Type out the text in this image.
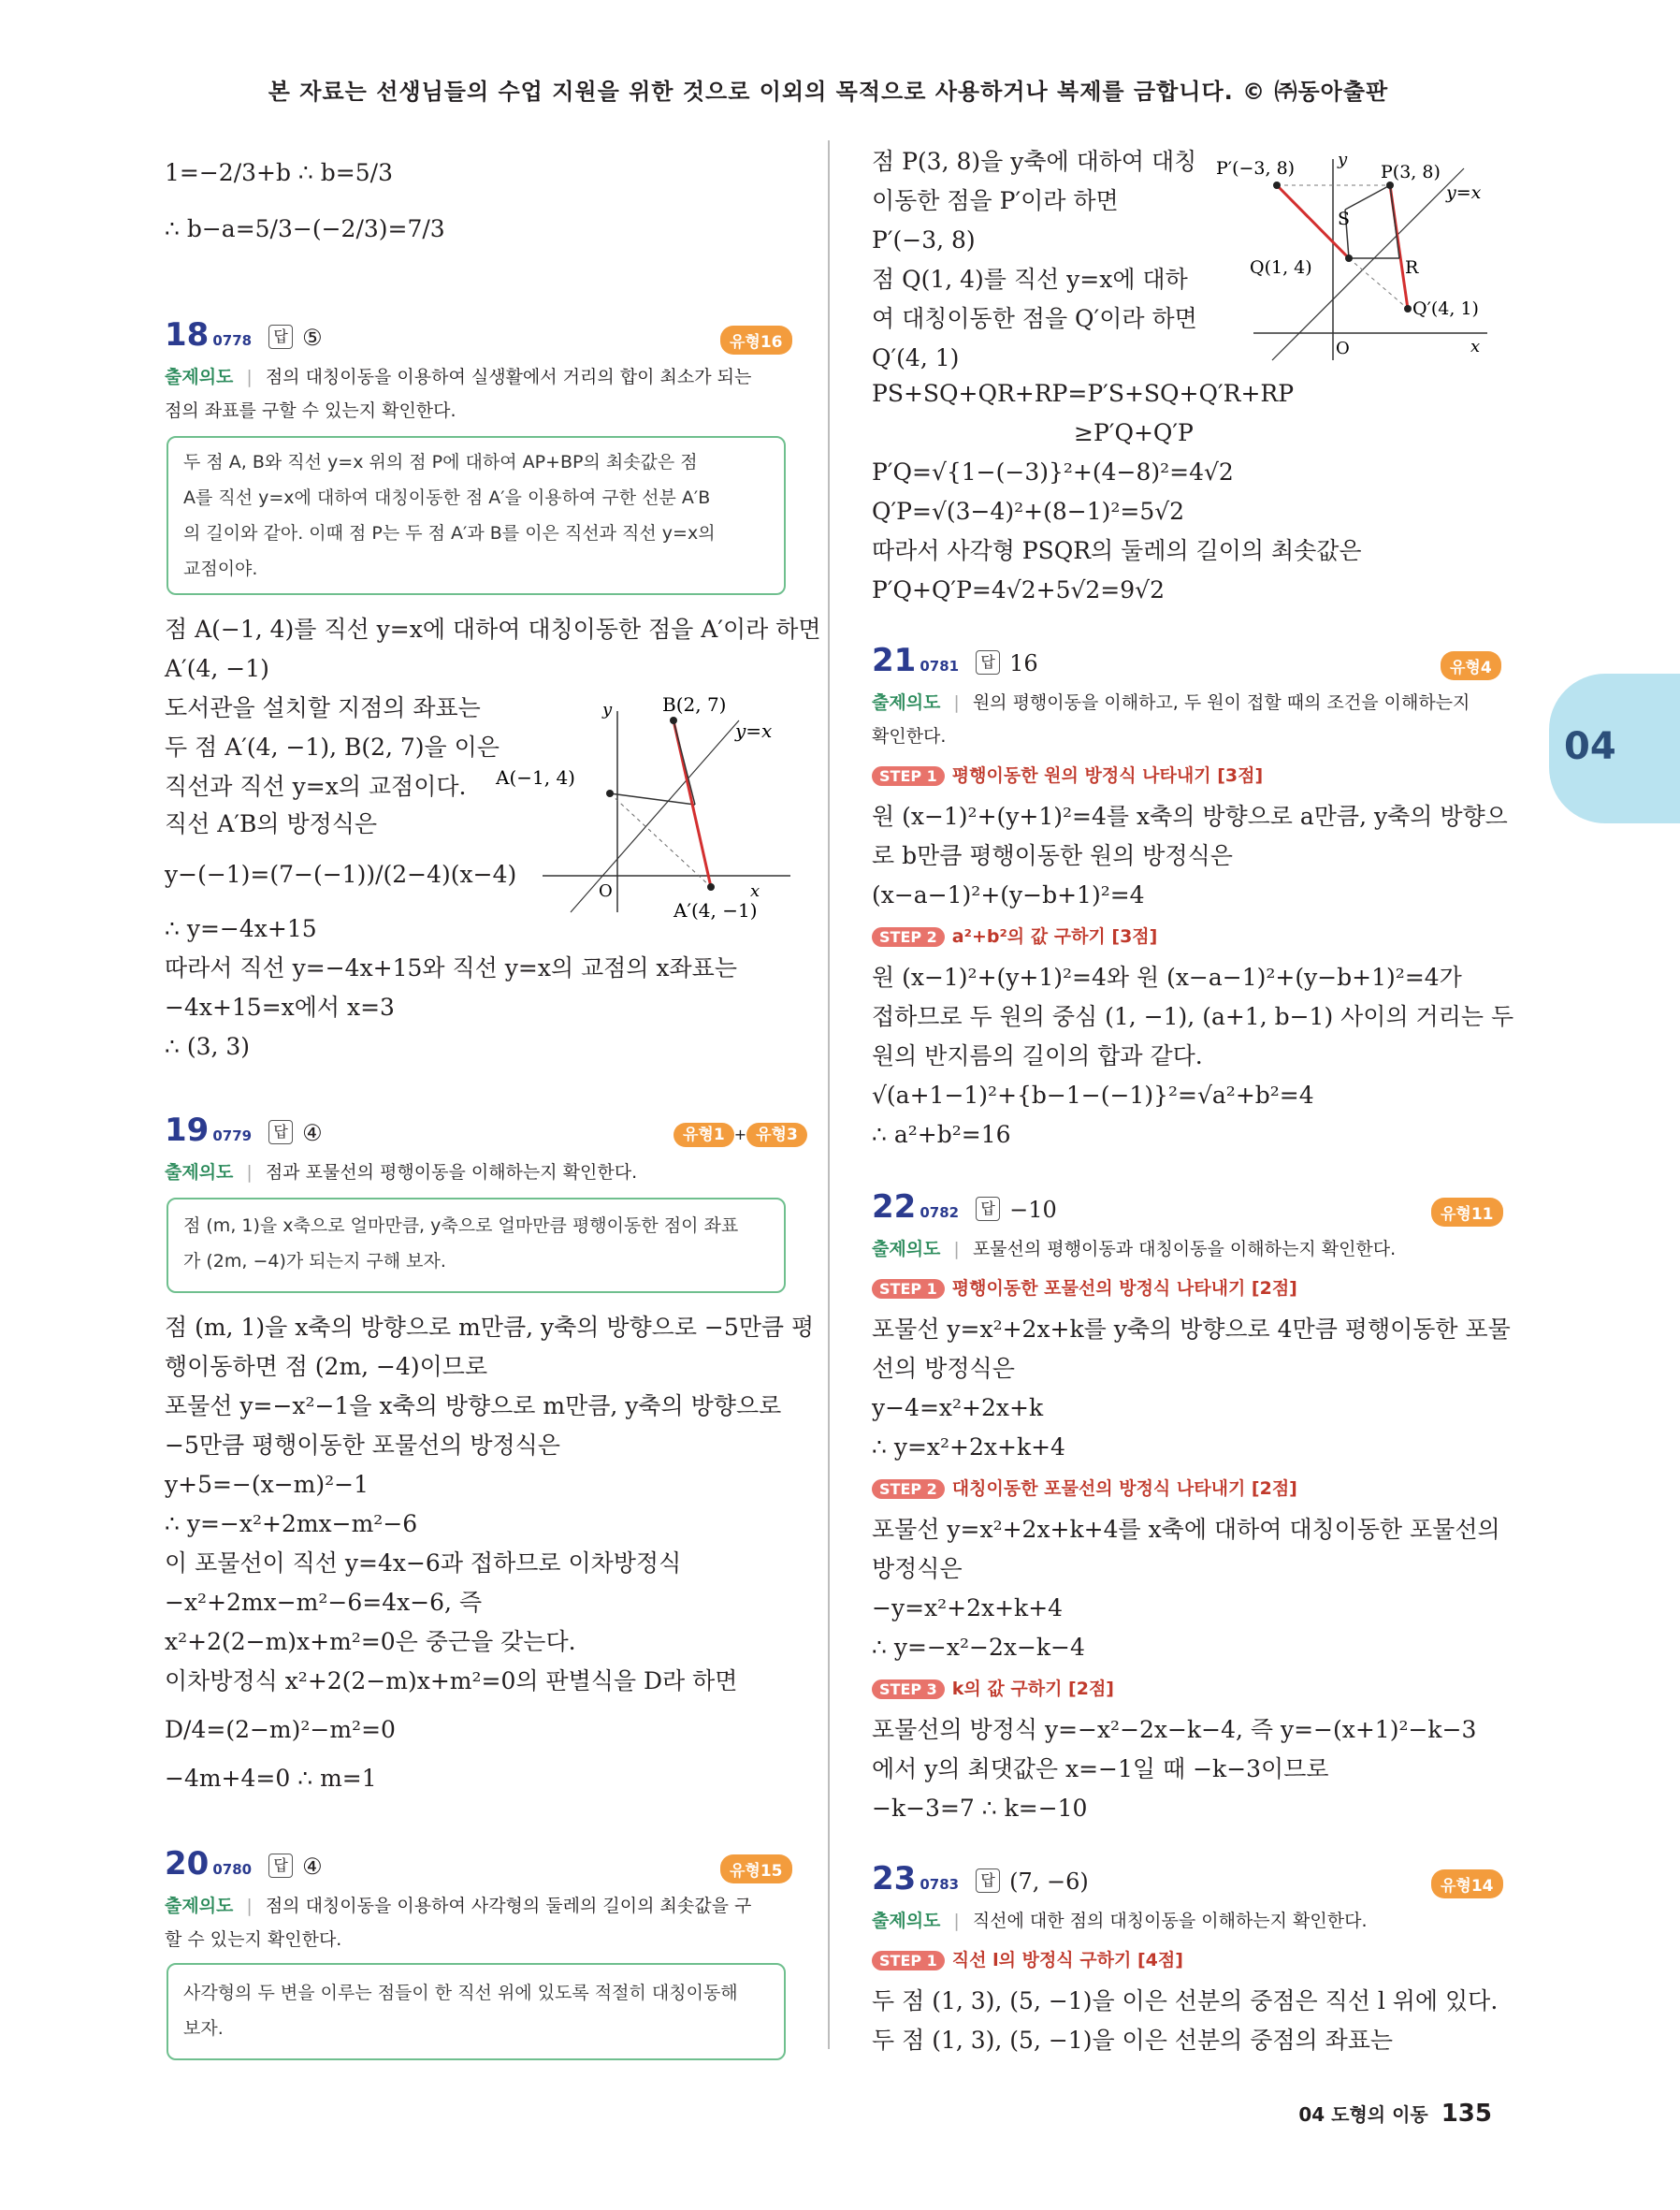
본 자료는 선생님들의 수업 지원을 위한 것으로 이외의 목적으로 사용하거나 복제를 금합니다. © ㈜동아출판
04
1=−2/3+b ∴ b=5/3
∴ b−a=5/3−(−2/3)=7/3
18 0778 답 ⑤	유형16
출제의도 | 점의 대칭이동을 이용하여 실생활에서 거리의 합이 최소가 되는
점의 좌표를 구할 수 있는지 확인한다.
두 점 A, B와 직선 y=x 위의 점 P에 대하여 AP+BP의 최솟값은 점
A를 직선 y=x에 대하여 대칭이동한 점 A′을 이용하여 구한 선분 A′B
의 길이와 같아. 이때 점 P는 두 점 A′과 B를 이은 직선과 직선 y=x의
교점이야.
점 A(−1, 4)를 직선 y=x에 대하여 대칭이동한 점을 A′이라 하면
A′(4, −1)
도서관을 설치할 지점의 좌표는
두 점 A′(4, −1), B(2, 7)을 이은
직선과 직선 y=x의 교점이다.
직선 A′B의 방정식은
y−(−1)=(7−(−1))/(2−4)(x−4)
∴ y=−4x+15
따라서 직선 y=−4x+15와 직선 y=x의 교점의 x좌표는
−4x+15=x에서 x=3
∴ (3, 3)
A(−1, 4)
B(2, 7)
A′(4, −1)
y=x
x
y
O
19 0779 답 ④	유형1 + 유형3
출제의도 | 점과 포물선의 평행이동을 이해하는지 확인한다.
점 (m, 1)을 x축으로 얼마만큼, y축으로 얼마만큼 평행이동한 점이 좌표
가 (2m, −4)가 되는지 구해 보자.
점 (m, 1)을 x축의 방향으로 m만큼, y축의 방향으로 −5만큼 평
행이동하면 점 (2m, −4)이므로
포물선 y=−x²−1을 x축의 방향으로 m만큼, y축의 방향으로
−5만큼 평행이동한 포물선의 방정식은
y+5=−(x−m)²−1
∴ y=−x²+2mx−m²−6
이 포물선이 직선 y=4x−6과 접하므로 이차방정식
−x²+2mx−m²−6=4x−6, 즉
x²+2(2−m)x+m²=0은 중근을 갖는다.
이차방정식 x²+2(2−m)x+m²=0의 판별식을 D라 하면
D/4=(2−m)²−m²=0
−4m+4=0 ∴ m=1
20 0780 답 ④	유형15
출제의도 | 점의 대칭이동을 이용하여 사각형의 둘레의 길이의 최솟값을 구
할 수 있는지 확인한다.
사각형의 두 변을 이루는 점들이 한 직선 위에 있도록 적절히 대칭이동해
보자.
점 P(3, 8)을 y축에 대하여 대칭
이동한 점을 P′이라 하면
P′(−3, 8)
점 Q(1, 4)를 직선 y=x에 대하
여 대칭이동한 점을 Q′이라 하면
Q′(4, 1)
PS+SQ+QR+RP=P′S+SQ+Q′R+RP
≥P′Q+Q′P
P′Q=√{1−(−3)}²+(4−8)²=4√2
Q′P=√(3−4)²+(8−1)²=5√2
따라서 사각형 PSQR의 둘레의 길이의 최솟값은
P′Q+Q′P=4√2+5√2=9√2
P′(−3, 8)	P(3, 8)
S
Q(1, 4)	R
Q′(4, 1)
y=x
x
y
O
21 0781 답 16	유형4
출제의도 | 원의 평행이동을 이해하고, 두 원이 접할 때의 조건을 이해하는지
확인한다.
STEP 1 평행이동한 원의 방정식 나타내기 [3점]
원 (x−1)²+(y+1)²=4를 x축의 방향으로 a만큼, y축의 방향으
로 b만큼 평행이동한 원의 방정식은
(x−a−1)²+(y−b+1)²=4
STEP 2 a²+b²의 값 구하기 [3점]
원 (x−1)²+(y+1)²=4와 원 (x−a−1)²+(y−b+1)²=4가
접하므로 두 원의 중심 (1, −1), (a+1, b−1) 사이의 거리는 두
원의 반지름의 길이의 합과 같다.
√(a+1−1)²+{b−1−(−1)}²=√a²+b²=4
∴ a²+b²=16
22 0782 답 −10	유형11
출제의도 | 포물선의 평행이동과 대칭이동을 이해하는지 확인한다.
STEP 1 평행이동한 포물선의 방정식 나타내기 [2점]
포물선 y=x²+2x+k를 y축의 방향으로 4만큼 평행이동한 포물
선의 방정식은
y−4=x²+2x+k
∴ y=x²+2x+k+4
STEP 2 대칭이동한 포물선의 방정식 나타내기 [2점]
포물선 y=x²+2x+k+4를 x축에 대하여 대칭이동한 포물선의
방정식은
−y=x²+2x+k+4
∴ y=−x²−2x−k−4
STEP 3 k의 값 구하기 [2점]
포물선의 방정식 y=−x²−2x−k−4, 즉 y=−(x+1)²−k−3
에서 y의 최댓값은 x=−1일 때 −k−3이므로
−k−3=7 ∴ k=−10
23 0783 답 (7, −6)	유형14
출제의도 | 직선에 대한 점의 대칭이동을 이해하는지 확인한다.
STEP 1 직선 l의 방정식 구하기 [4점]
두 점 (1, 3), (5, −1)을 이은 선분의 중점은 직선 l 위에 있다.
두 점 (1, 3), (5, −1)을 이은 선분의 중점의 좌표는
04 도형의 이동 135
